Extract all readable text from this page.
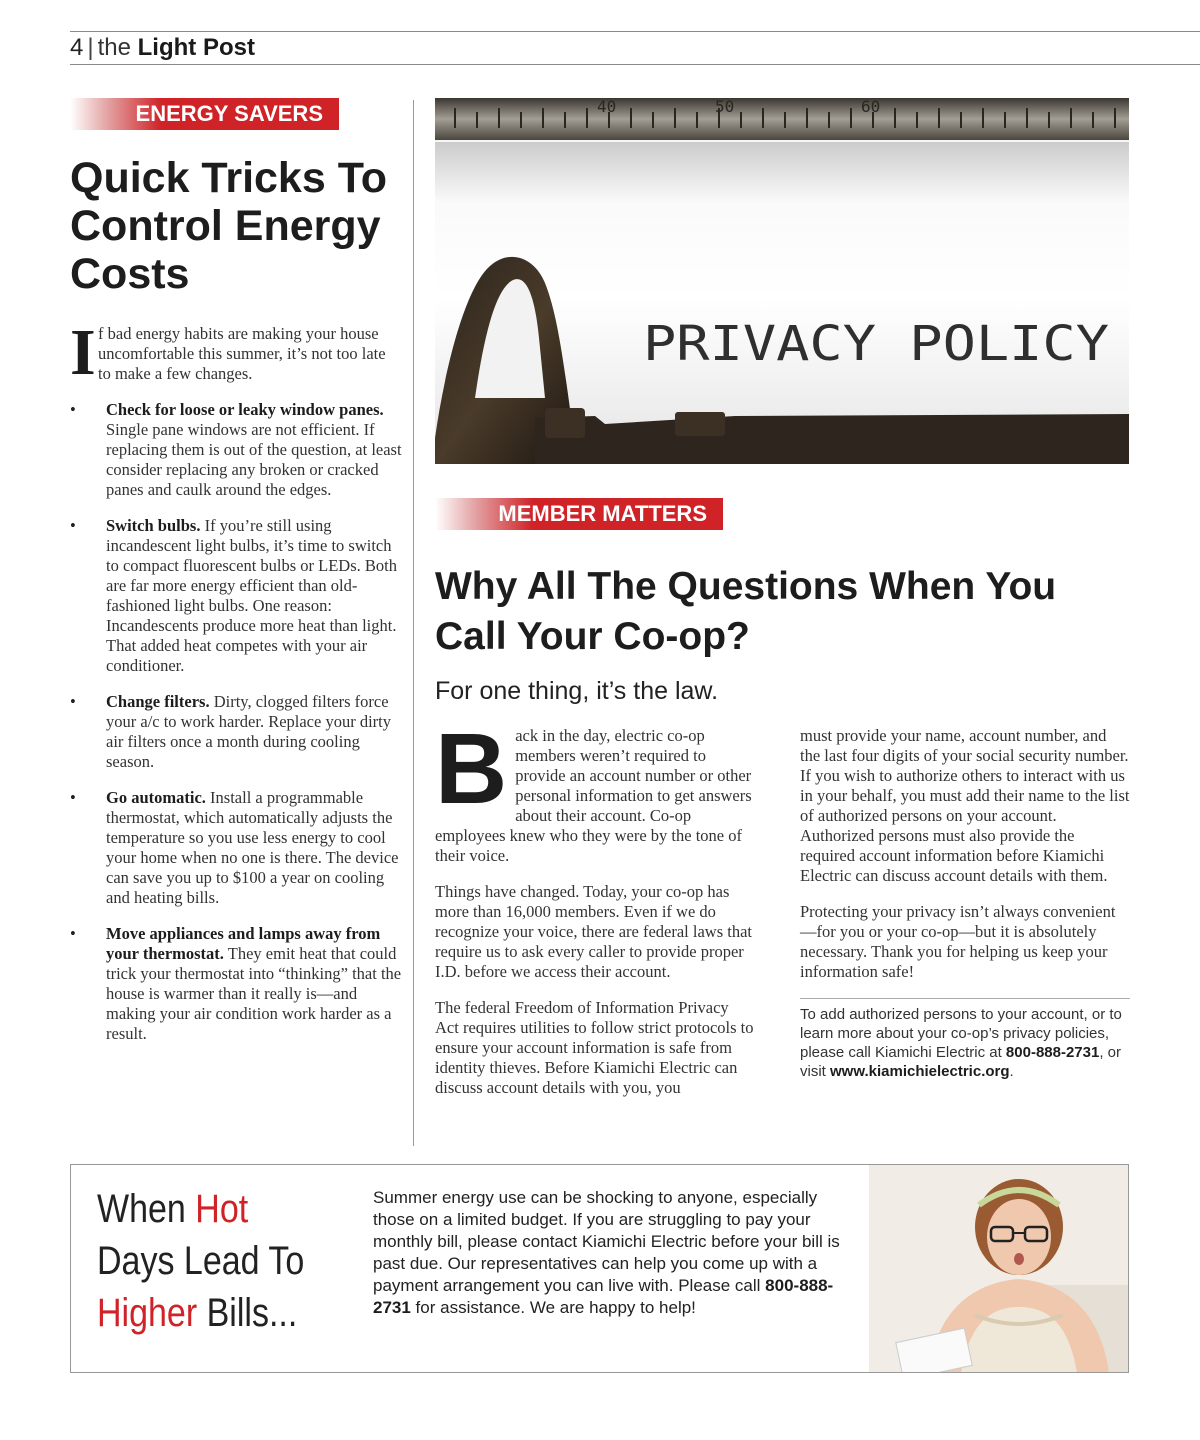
4 | the Light Post
ENERGY SAVERS
Quick Tricks To Control Energy Costs
I f bad energy habits are making your house uncomfortable this summer, it’s not too late to make a few changes.
• Check for loose or leaky window panes. Single pane windows are not efficient. If replacing them is out of the question, at least consider replacing any broken or cracked panes and caulk around the edges.
• Switch bulbs. If you’re still using incandescent light bulbs, it’s time to switch to compact fluorescent bulbs or LEDs. Both are far more energy efficient than old-fashioned light bulbs. One reason: Incandescents produce more heat than light. That added heat competes with your air conditioner.
• Change filters. Dirty, clogged filters force your a/c to work harder. Replace your dirty air filters once a month during cooling season.
• Go automatic. Install a programmable thermostat, which automatically adjusts the temperature so you use less energy to cool your home when no one is there. The device can save you up to $100 a year on cooling and heating bills.
• Move appliances and lamps away from your thermostat. They emit heat that could trick your thermostat into “thinking” that the house is warmer than it really is—and making your air condition work harder as a result.
40	50	60
PRIVACY POLICY
MEMBER MATTERS
Why All The Questions When You Call Your Co-op?
For one thing, it’s the law.

Back in the day, electric co-op members weren’t required to provide an account number or other personal information to get answers about their account. Co-op employees knew who they were by the tone of their voice.

Things have changed. Today, your co-op has more than 16,000 members. Even if we do recognize your voice, there are federal laws that require us to ask every caller to provide proper I.D. before we access their account.

The federal Freedom of Information Privacy Act requires utilities to follow strict protocols to ensure your account information is safe from identity thieves. Before Kiamichi Electric can discuss account details with you, you

must provide your name, account number, and the last four digits of your social security number. If you wish to authorize others to interact with us in your behalf, you must add their name to the list of authorized persons on your account. Authorized persons must also provide the required account information before Kiamichi Electric can discuss account details with them.

Protecting your privacy isn’t always convenient—for you or your co-op—but it is absolutely necessary. Thank you for helping us keep your information safe!

To add authorized persons to your account, or to learn more about your co-op’s privacy policies, please call Kiamichi Electric at 800-888-2731, or visit www.kiamichielectric.org.
When Hot
Days Lead To
Higher Bills...
Summer energy use can be shocking to anyone, especially those on a limited budget. If you are struggling to pay your monthly bill, please contact Kiamichi Electric before your bill is past due. Our representatives can help you come up with a payment arrangement you can live with. Please call 800-888-2731 for assistance. We are happy to help!
